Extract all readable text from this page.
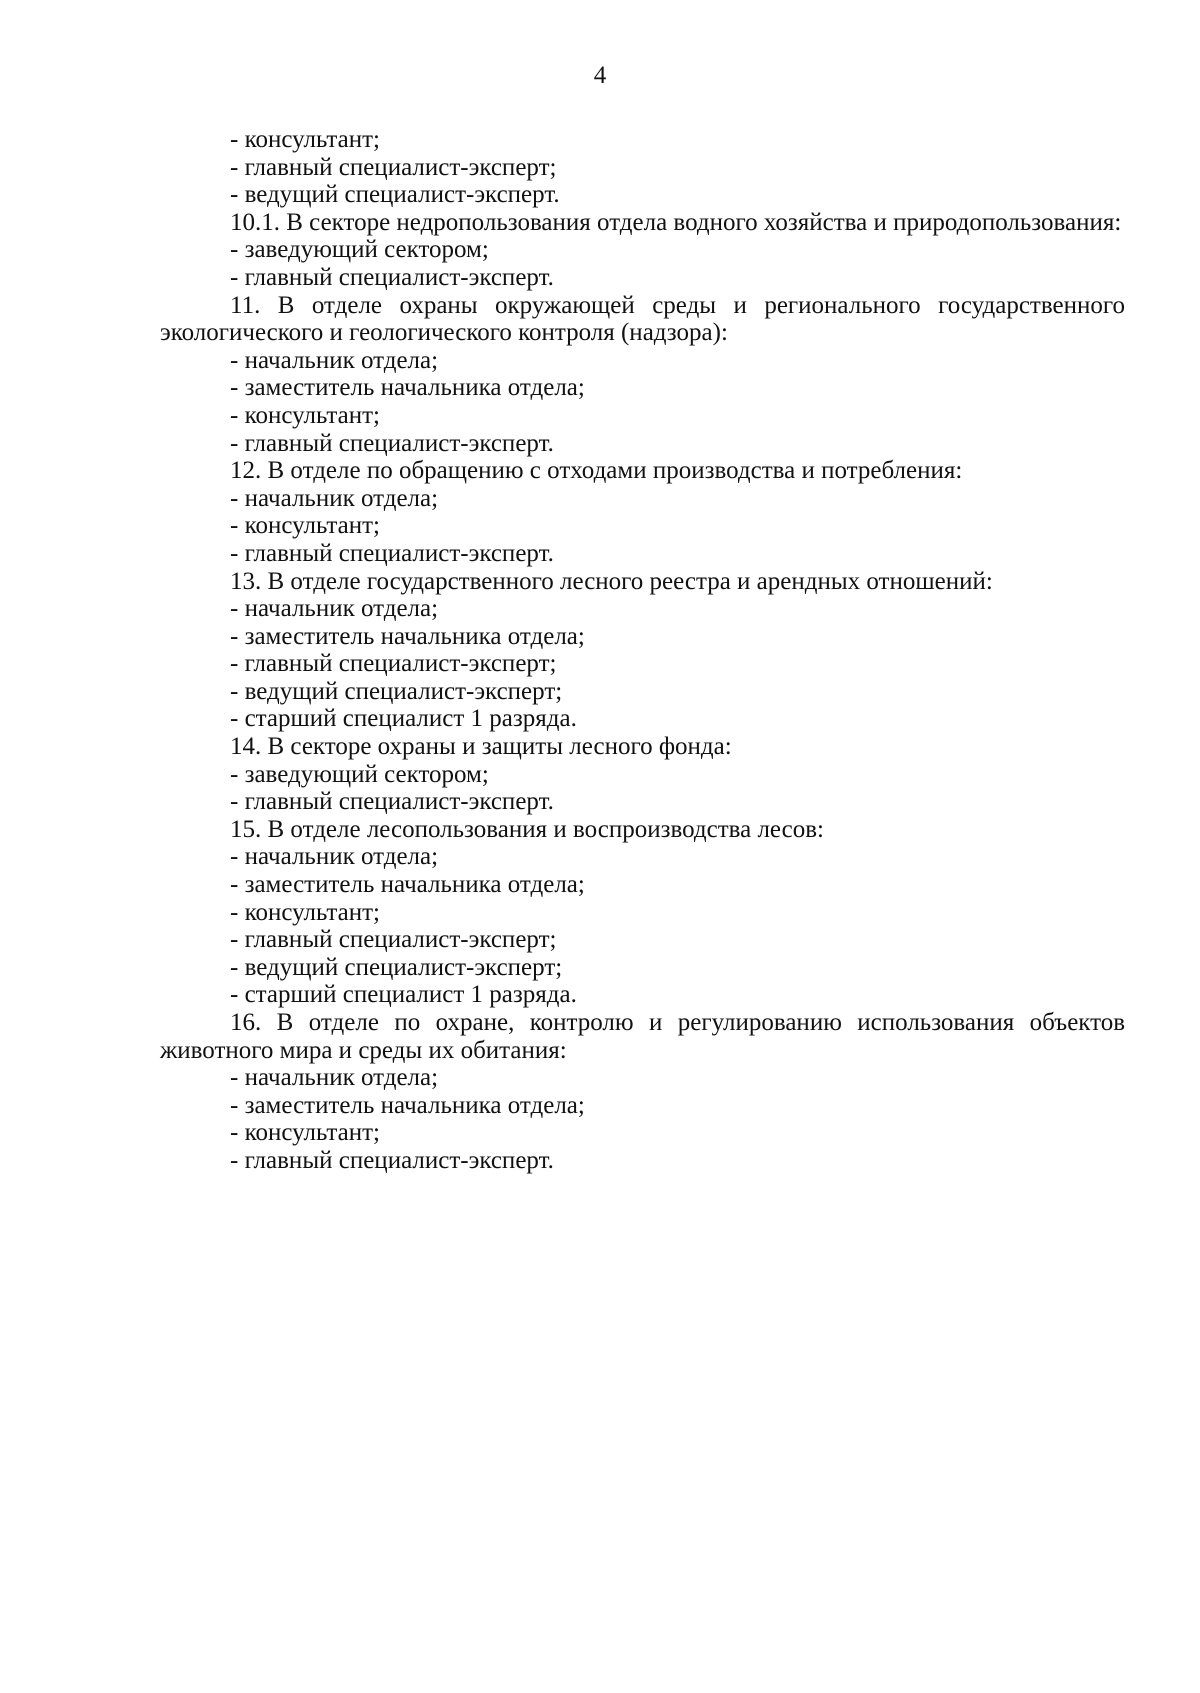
4
- консультант;
- главный специалист-эксперт;
- ведущий специалист-эксперт.
10.1. В секторе недропользования отдела водного хозяйства и природопользования:
- заведующий сектором;
- главный специалист-эксперт.
11. В отделе охраны окружающей среды и регионального государственного экологического и геологического контроля (надзора):
- начальник отдела;
- заместитель начальника отдела;
- консультант;
- главный специалист-эксперт.
12. В отделе по обращению с отходами производства и потребления:
- начальник отдела;
- консультант;
- главный специалист-эксперт.
13. В отделе государственного лесного реестра и арендных отношений:
- начальник отдела;
- заместитель начальника отдела;
- главный специалист-эксперт;
- ведущий специалист-эксперт;
- старший специалист 1 разряда.
14. В секторе охраны и защиты лесного фонда:
- заведующий сектором;
- главный специалист-эксперт.
15. В отделе лесопользования и воспроизводства лесов:
- начальник отдела;
- заместитель начальника отдела;
- консультант;
- главный специалист-эксперт;
- ведущий специалист-эксперт;
- старший специалист 1 разряда.
16. В отделе по охране, контролю и регулированию использования объектов животного мира и среды их обитания:
- начальник отдела;
- заместитель начальника отдела;
- консультант;
- главный специалист-эксперт.
